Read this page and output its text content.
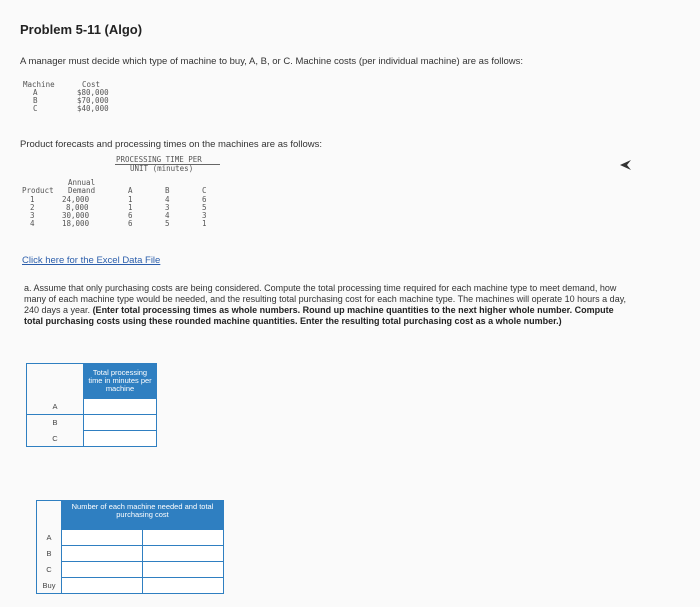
Problem 5-11 (Algo)
A manager must decide which type of machine to buy, A, B, or C. Machine costs (per individual machine) are as follows:
Machine	Cost
A	$80,000
B	$70,000
C	$40,000
Product forecasts and processing times on the machines are as follows:
PROCESSING TIME PER
UNIT (minutes)
Annual
Product Demand	A	B	C
1	24,000	1	4	6
2	8,000	1	3	5
3	30,000	6	4	3
4	18,000	6	5	1
Click here for the Excel Data File
a. Assume that only purchasing costs are being considered. Compute the total processing time required for each machine type to meet demand, how many of each machine type would be needed, and the resulting total purchasing cost for each machine type. The machines will operate 10 hours a day, 240 days a year. (Enter total processing times as whole numbers. Round up machine quantities to the next higher whole number. Compute total purchasing costs using these rounded machine quantities. Enter the resulting total purchasing cost as a whole number.)
	Total processing time in minutes per machine
A	
B	
C	
	Number of each machine needed and total purchasing cost	
A		
B		
C		
Buy		
